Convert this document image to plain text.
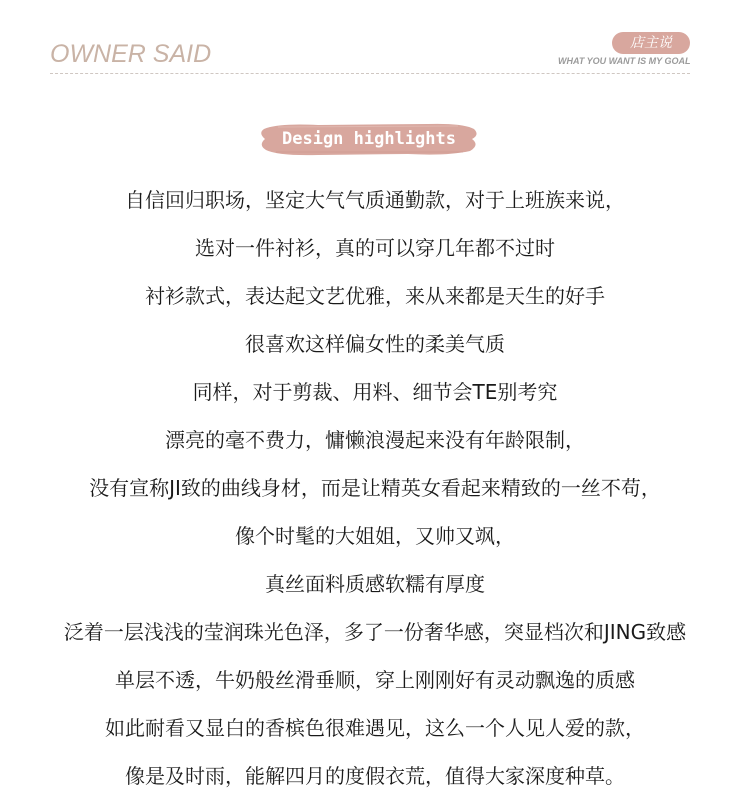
OWNER SAID	店主说
WHAT YOU WANT IS MY GOAL
Design highlights
自信回归职场，坚定大气气质通勤款，对于上班族来说，
选对一件衬衫，真的可以穿几年都不过时
衬衫款式，表达起文艺优雅，来从来都是天生的好手
很喜欢这样偏女性的柔美气质
同样，对于剪裁、用料、细节会TE别考究
漂亮的毫不费力，慵懒浪漫起来没有年龄限制，
没有宣称JI致的曲线身材，而是让精英女看起来精致的一丝不苟，
像个时髦的大姐姐，又帅又飒，
真丝面料质感软糯有厚度
泛着一层浅浅的莹润珠光色泽，多了一份奢华感，突显档次和JING致感
单层不透，牛奶般丝滑垂顺，穿上刚刚好有灵动飘逸的质感
如此耐看又显白的香槟色很难遇见，这么一个人见人爱的款，
像是及时雨，能解四月的度假衣荒，值得大家深度种草。
